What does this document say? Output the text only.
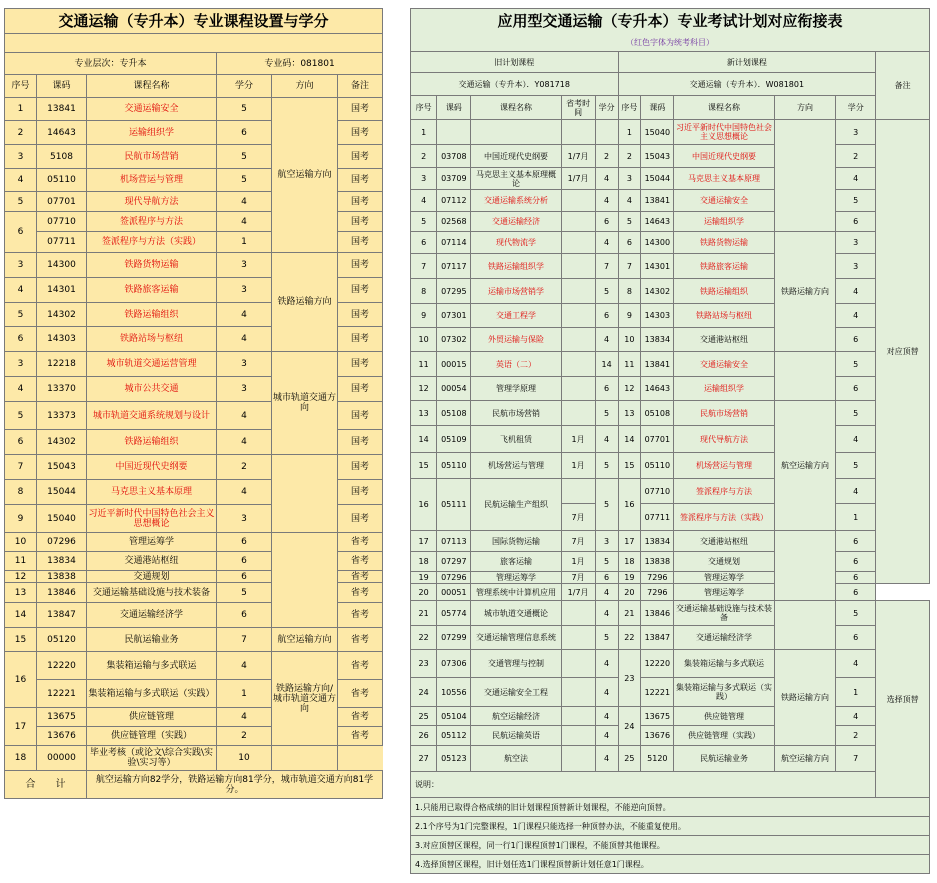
交通运输（专升本）专业课程设置与学分					

专业层次：专升本			专业码：081801		
序号	课码	课程名称	学分	方向	备注
1	13841	交通运输安全	5	航空运输方向	国考
2	14643	运输组织学	6		国考
3	5108	民航市场营销	5		国考
4	05110	机场营运与管理	5		国考
5	07701	现代导航方法	4		国考
6	07710	签派程序与方法	4		国考
	07711	签派程序与方法（实践）	1		国考
3	14300	铁路货物运输	3	铁路运输方向	国考
4	14301	铁路旅客运输	3		国考
5	14302	铁路运输组织	4		国考
6	14303	铁路站场与枢纽	4		国考
3	12218	城市轨道交通运营管理	3	城市轨道交通方向	国考
4	13370	城市公共交通	3		国考
5	13373	城市轨道交通系统规划与设计	4		国考
6	14302	铁路运输组织	4		国考
7	15043	中国近现代史纲要	2		国考
8	15044	马克思主义基本原理	4		国考
9	15040	习近平新时代中国特色社会主义思想概论	3		国考
10	07296	管理运筹学	6		省考
11	13834	交通港站枢纽	6		省考
12	13838	交通规划	6		省考
13	13846	交通运输基础设施与技术装备	5		省考
14	13847	交通运输经济学	6		省考
15	05120	民航运输业务	7	航空运输方向	省考
16	12220	集装箱运输与多式联运	4	铁路运输方向/城市轨道交通方向	省考
	12221	集装箱运输与多式联运（实践）	1		省考
17	13675	供应链管理	4		省考
	13676	供应链管理（实践）	2		省考
18	00000	毕业考核（或论文\综合实践\实验\实习等）	10		
合　　计		航空运输方向82学分，铁路运输方向81学分，城市轨道交通方向81学分。			
应用型交通运输（专升本）专业考试计划对应衔接表										
（红色字体为统考科目）										
旧计划课程					新计划课程					备注
交通运输（专升本）．Y081718					交通运输（专升本）．W081801					
序号	课码	课程名称	省考时间	学分	序号	课码	课程名称	方向	学分	
1					1	15040	习近平新时代中国特色社会主义思想概论		3	对应顶替
2	03708	中国近现代史纲要	1/7月	2	2	15043	中国近现代史纲要		2	
3	03709	马克思主义基本原理概论	1/7月	4	3	15044	马克思主义基本原理		4	
4	07112	交通运输系统分析		4	4	13841	交通运输安全		5	
5	02568	交通运输经济		6	5	14643	运输组织学		6	
6	07114	现代物流学		4	6	14300	铁路货物运输	铁路运输方向	3	
7	07117	铁路运输组织学		7	7	14301	铁路旅客运输		3	
8	07295	运输市场营销学		5	8	14302	铁路运输组织		4	
9	07301	交通工程学		6	9	14303	铁路站场与枢纽		4	
10	07302	外贸运输与保险		4	10	13834	交通港站枢纽		6	
11	00015	英语（二）		14	11	13841	交通运输安全		5	
12	00054	管理学原理		6	12	14643	运输组织学		6	
13	05108	民航市场营销		5	13	05108	民航市场营销	航空运输方向	5	
14	05109	飞机租赁	1月	4	14	07701	现代导航方法		4	
15	05110	机场营运与管理	1月	5	15	05110	机场营运与管理		5	
16	05111	民航运输生产组织		5	16	07710	签派程序与方法		4	
			7月			07711	签派程序与方法（实践）		1	
17	07113	国际货物运输	7月	3	17	13834	交通港站枢纽		6	
18	07297	旅客运输	1月	5	18	13838	交通规划		6	
19	07296	管理运筹学	7月	6	19	7296	管理运筹学		6	
20	00051	管理系统中计算机应用	1/7月	4	20	7296	管理运筹学		6	
21	05774	城市轨道交通概论		4	21	13846	交通运输基础设施与技术装备		5	选择顶替
22	07299	交通运输管理信息系统		5	22	13847	交通运输经济学		6	
23	07306	交通管理与控制		4	23	12220	集装箱运输与多式联运	铁路运输方向	4	
24	10556	交通运输安全工程		4		12221	集装箱运输与多式联运（实践）		1	
25	05104	航空运输经济		4	24	13675	供应链管理		4	
26	05112	民航运输英语		4		13676	供应链管理（实践）		2	
27	05123	航空法		4	25	5120	民航运输业务	航空运输方向	7	
说明：										
1.只能用已取得合格成绩的旧计划课程顶替新计划课程，不能逆向顶替。										
2.1个序号为1门完整课程，1门课程只能选择一种顶替办法，不能重复使用。										
3.对应顶替区课程，同一行1门课程顶替1门课程，不能顶替其他课程。										
4.选择顶替区课程，旧计划任选1门课程顶替新计划任意1门课程。										
